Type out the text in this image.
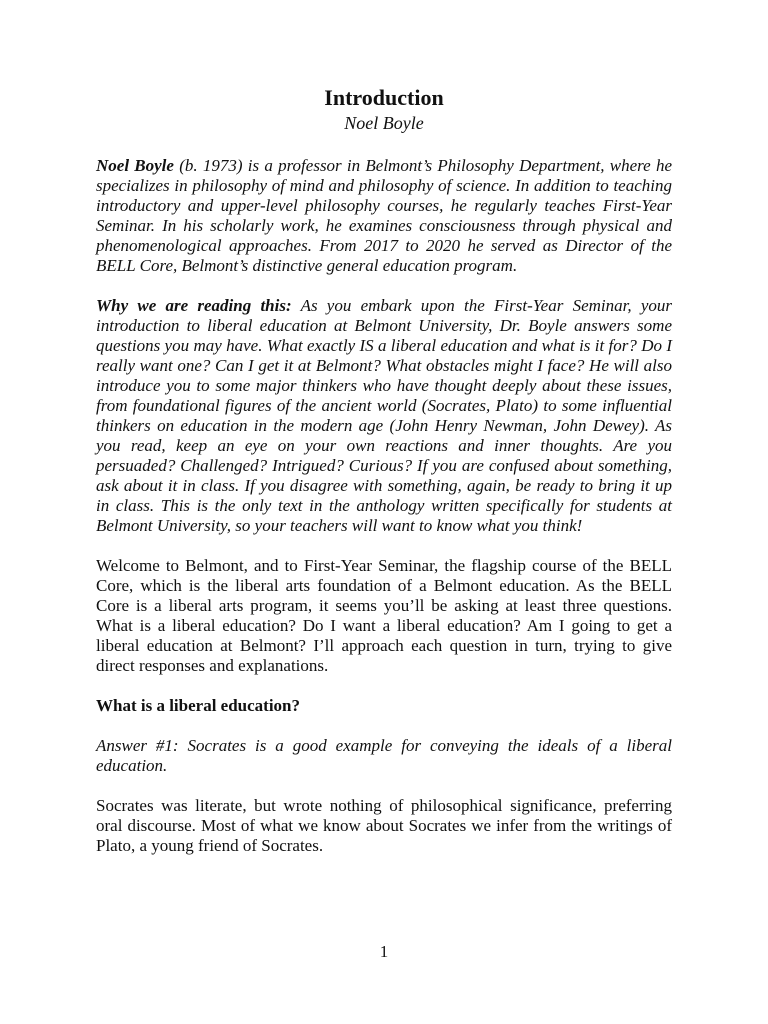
Introduction
Noel Boyle

Noel Boyle (b. 1973) is a professor in Belmont’s Philosophy Department, where he specializes in philosophy of mind and philosophy of science. In addition to teaching introductory and upper-level philosophy courses, he regularly teaches First-Year Seminar. In his scholarly work, he examines consciousness through physical and phenomenological approaches. From 2017 to 2020 he served as Director of the BELL Core, Belmont’s distinctive general education program.

Why we are reading this: As you embark upon the First-Year Seminar, your introduction to liberal education at Belmont University, Dr. Boyle answers some questions you may have. What exactly IS a liberal education and what is it for? Do I really want one? Can I get it at Belmont? What obstacles might I face? He will also introduce you to some major thinkers who have thought deeply about these issues, from foundational figures of the ancient world (Socrates, Plato) to some influential thinkers on education in the modern age (John Henry Newman, John Dewey). As you read, keep an eye on your own reactions and inner thoughts. Are you persuaded? Challenged? Intrigued? Curious? If you are confused about something, ask about it in class. If you disagree with something, again, be ready to bring it up in class. This is the only text in the anthology written specifically for students at Belmont University, so your teachers will want to know what you think!

Welcome to Belmont, and to First-Year Seminar, the flagship course of the BELL Core, which is the liberal arts foundation of a Belmont education. As the BELL Core is a liberal arts program, it seems you’ll be asking at least three questions. What is a liberal education? Do I want a liberal education? Am I going to get a liberal education at Belmont? I’ll approach each question in turn, trying to give direct responses and explanations.

What is a liberal education?

Answer #1: Socrates is a good example for conveying the ideals of a liberal education.

Socrates was literate, but wrote nothing of philosophical significance, preferring oral discourse. Most of what we know about Socrates we infer from the writings of Plato, a young friend of Socrates.

1
